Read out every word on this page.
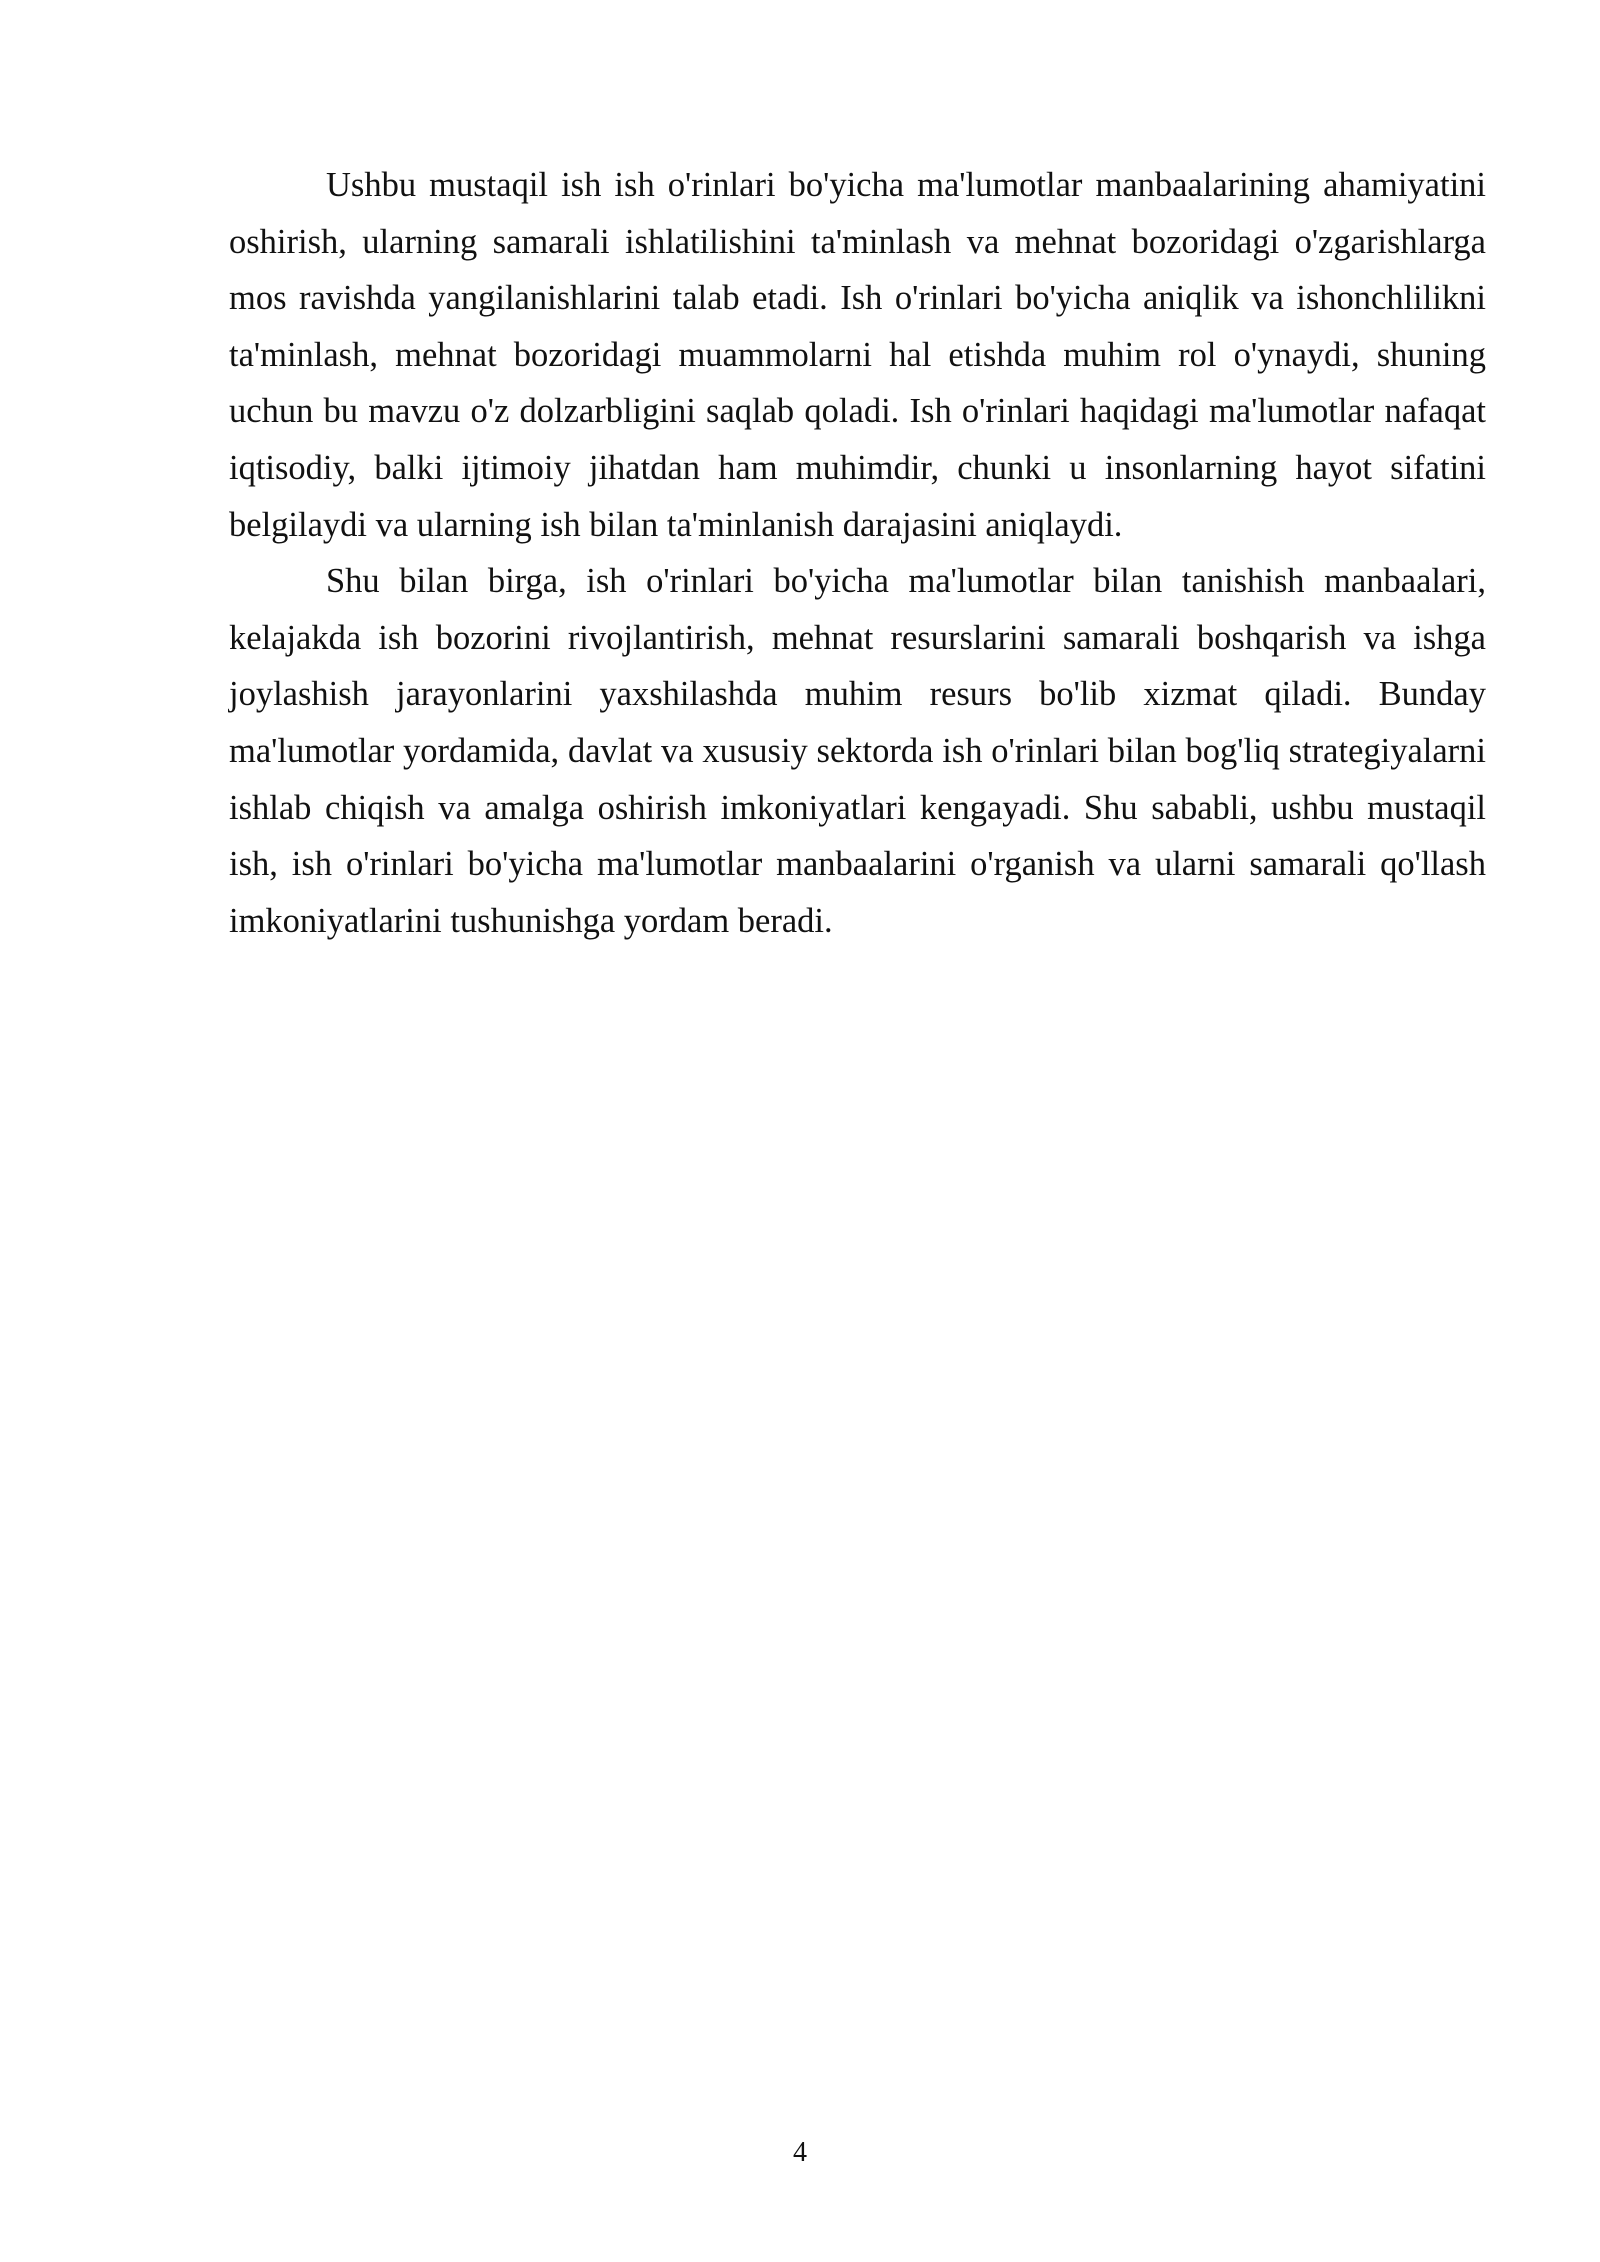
Ushbu mustaqil ish ish o'rinlari bo'yicha ma'lumotlar manbaalarining ahamiyatini oshirish, ularning samarali ishlatilishini ta'minlash va mehnat bozoridagi o'zgarishlarga mos ravishda yangilanishlarini talab etadi. Ish o'rinlari bo'yicha aniqlik va ishonchlilikni ta'minlash, mehnat bozoridagi muammolarni hal etishda muhim rol o'ynaydi, shuning uchun bu mavzu o'z dolzarbligini saqlab qoladi. Ish o'rinlari haqidagi ma'lumotlar nafaqat iqtisodiy, balki ijtimoiy jihatdan ham muhimdir, chunki u insonlarning hayot sifatini belgilaydi va ularning ish bilan ta'minlanish darajasini aniqlaydi.

Shu bilan birga, ish o'rinlari bo'yicha ma'lumotlar bilan tanishish manbaalari, kelajakda ish bozorini rivojlantirish, mehnat resurslarini samarali boshqarish va ishga joylashish jarayonlarini yaxshilashda muhim resurs bo'lib xizmat qiladi. Bunday ma'lumotlar yordamida, davlat va xususiy sektorda ish o'rinlari bilan bog'liq strategiyalarni ishlab chiqish va amalga oshirish imkoniyatlari kengayadi. Shu sababli, ushbu mustaqil ish, ish o'rinlari bo'yicha ma'lumotlar manbaalarini o'rganish va ularni samarali qo'llash imkoniyatlarini tushunishga yordam beradi.

4
